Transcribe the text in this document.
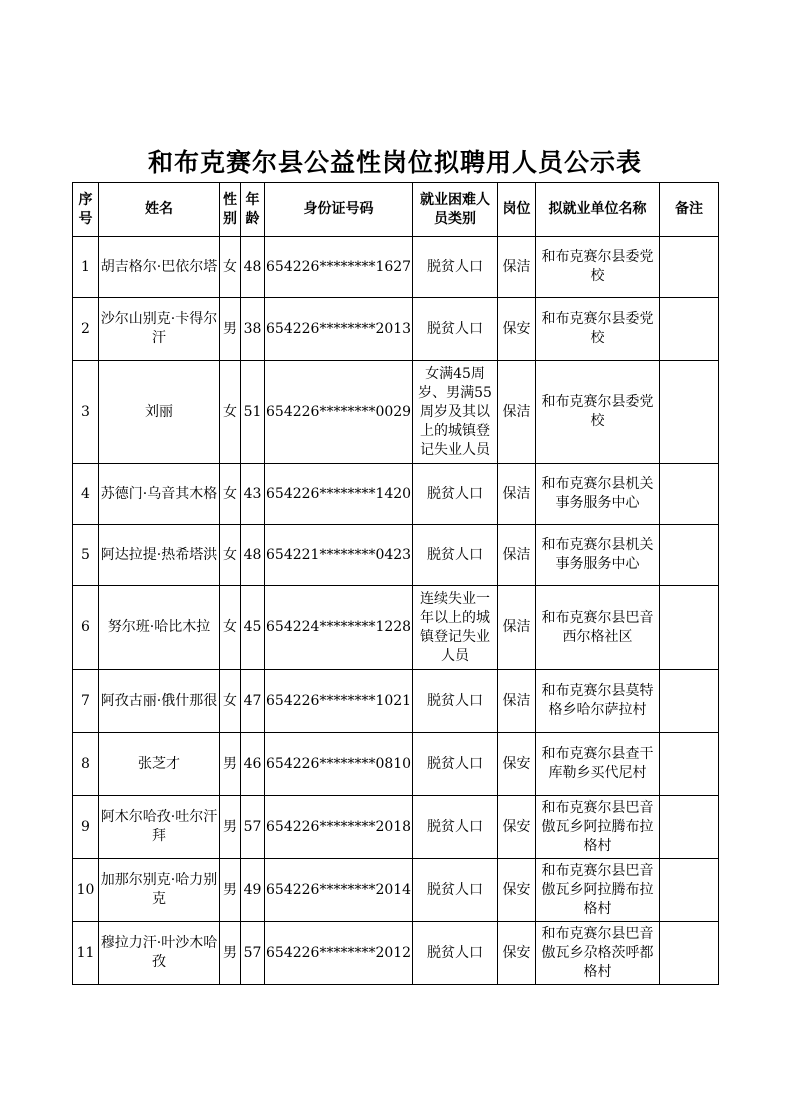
和布克赛尔县公益性岗位拟聘用人员公示表
序号	姓名	性别	年龄	身份证号码	就业困难人员类别	岗位	拟就业单位名称	备注
1	胡吉格尔·巴依尔塔	女	48	654226********1627	脱贫人口	保洁	和布克赛尔县委党校	
2	沙尔山别克·卡得尔汗	男	38	654226********2013	脱贫人口	保安	和布克赛尔县委党校	
3	刘丽	女	51	654226********0029	女满45周岁、男满55周岁及其以上的城镇登记失业人员	保洁	和布克赛尔县委党校	
4	苏德门·乌音其木格	女	43	654226********1420	脱贫人口	保洁	和布克赛尔县机关事务服务中心	
5	阿达拉提·热希塔洪	女	48	654221********0423	脱贫人口	保洁	和布克赛尔县机关事务服务中心	
6	努尔班·哈比木拉	女	45	654224********1228	连续失业一年以上的城镇登记失业人员	保洁	和布克赛尔县巴音西尔格社区	
7	阿孜古丽·俄什那很	女	47	654226********1021	脱贫人口	保洁	和布克赛尔县莫特格乡哈尔萨拉村	
8	张芝才	男	46	654226********0810	脱贫人口	保安	和布克赛尔县查干库勒乡买代尼村	
9	阿木尔哈孜·吐尔汗拜	男	57	654226********2018	脱贫人口	保安	和布克赛尔县巴音傲瓦乡阿拉腾布拉格村	
10	加那尔别克·哈力别克	男	49	654226********2014	脱贫人口	保安	和布克赛尔县巴音傲瓦乡阿拉腾布拉格村	
11	穆拉力汗·叶沙木哈孜	男	57	654226********2012	脱贫人口	保安	和布克赛尔县巴音傲瓦乡尕格茨呼都格村	
